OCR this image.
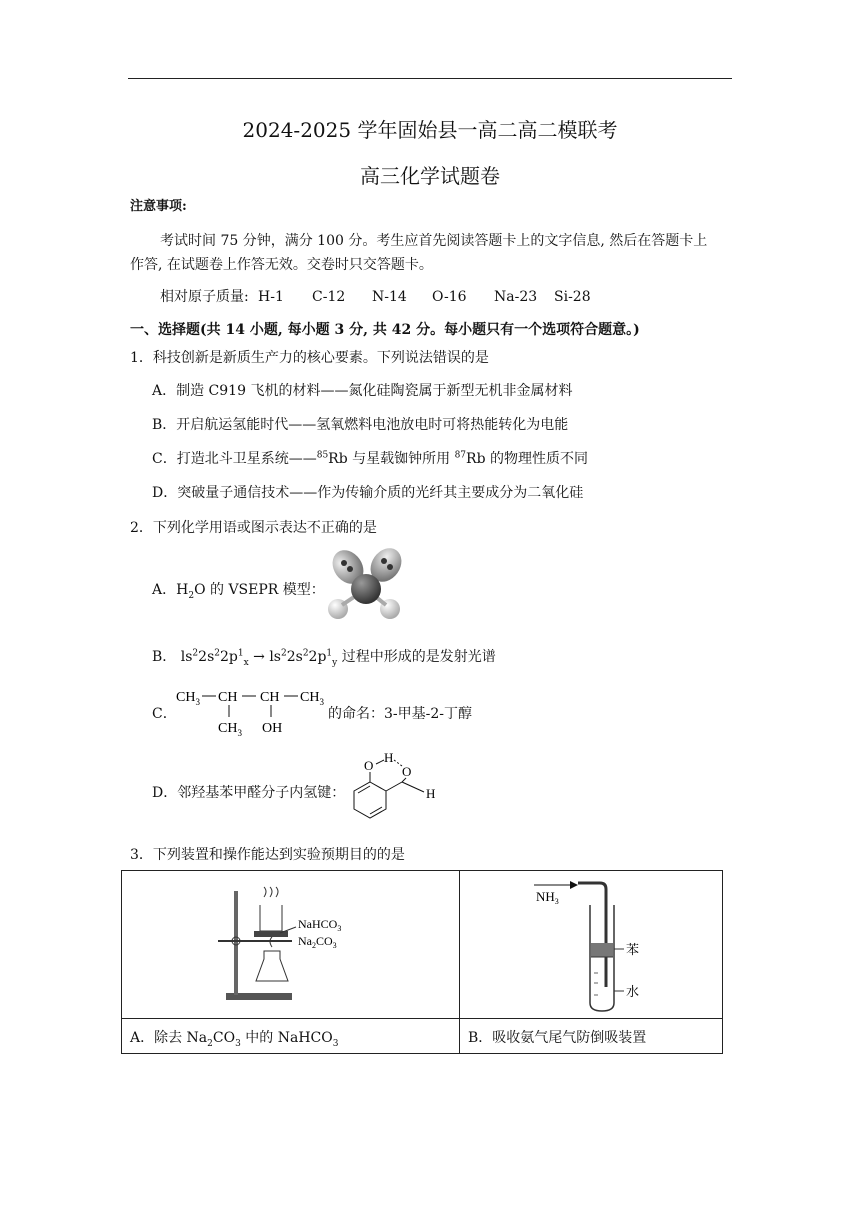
2024-2025 学年固始县一高二高二模联考
高三化学试题卷
注意事项:
考试时间 75 分钟，满分 100 分。考生应首先阅读答题卡上的文字信息, 然后在答题卡上
作答, 在试题卷上作答无效。交卷时只交答题卡。
相对原子质量: H-1 C-12 N-14 O-16 Na-23 Si-28
一、选择题(共 14 小题, 每小题 3 分, 共 42 分。每小题只有一个选项符合题意。)
1．科技创新是新质生产力的核心要素。下列说法错误的是
A．制造 C919 飞机的材料——氮化硅陶瓷属于新型无机非金属材料
B．开启航运氢能时代——氢氧燃料电池放电时可将热能转化为电能
C．打造北斗卫星系统——$^{85}$Rb 与星载铷钟所用 $^{87}$Rb 的物理性质不同
D．突破量子通信技术——作为传输介质的光纤其主要成分为二氧化硅
2．下列化学用语或图示表达不正确的是
A．$H_2O$ 的 VSEPR 模型：
B． $ls^22s^22p^1_x \to ls^22s^22p^1_y$ 过程中形成的是发射光谱
C．
$CH_3$ CH CH $CH_3$
$CH_3$ OH
的命名：3-甲基-2-丁醇
D．邻羟基苯甲醛分子内氢键：
O
H
O
H
3．下列装置和操作能达到实验预期目的的是
NaHCO$_3$
$Na_2CO_3$
$NH_3$
苯
水
A．除去 $Na_2CO_3$ 中的 NaHCO$_3$	B．吸收氨气尾气防倒吸装置
